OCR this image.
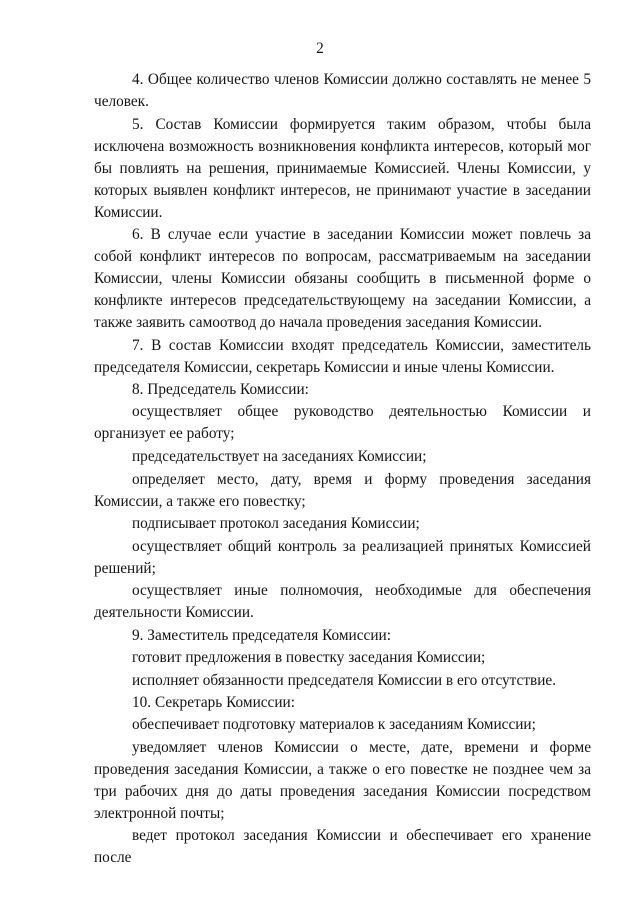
2

4. Общее количество членов Комиссии должно составлять не менее 5 человек.

5. Состав Комиссии формируется таким образом, чтобы была исключена возможность возникновения конфликта интересов, который мог бы повлиять на решения, принимаемые Комиссией. Члены Комиссии, у которых выявлен конфликт интересов, не принимают участие в заседании Комиссии.

6. В случае если участие в заседании Комиссии может повлечь за собой конфликт интересов по вопросам, рассматриваемым на заседании Комиссии, члены Комиссии обязаны сообщить в письменной форме о конфликте интересов председательствующему на заседании Комиссии, а также заявить самоотвод до начала проведения заседания Комиссии.

7. В состав Комиссии входят председатель Комиссии, заместитель председателя Комиссии, секретарь Комиссии и иные члены Комиссии.

8. Председатель Комиссии:

осуществляет общее руководство деятельностью Комиссии и организует ее работу;

председательствует на заседаниях Комиссии;

определяет место, дату, время и форму проведения заседания Комиссии, а также его повестку;

подписывает протокол заседания Комиссии;

осуществляет общий контроль за реализацией принятых Комиссией решений;

осуществляет иные полномочия, необходимые для обеспечения деятельности Комиссии.

9. Заместитель председателя Комиссии:

готовит предложения в повестку заседания Комиссии;

исполняет обязанности председателя Комиссии в его отсутствие.

10. Секретарь Комиссии:

обеспечивает подготовку материалов к заседаниям Комиссии;

уведомляет членов Комиссии о месте, дате, времени и форме проведения заседания Комиссии, а также о его повестке не позднее чем за три рабочих дня до даты проведения заседания Комиссии посредством электронной почты;

ведет протокол заседания Комиссии и обеспечивает его хранение после
